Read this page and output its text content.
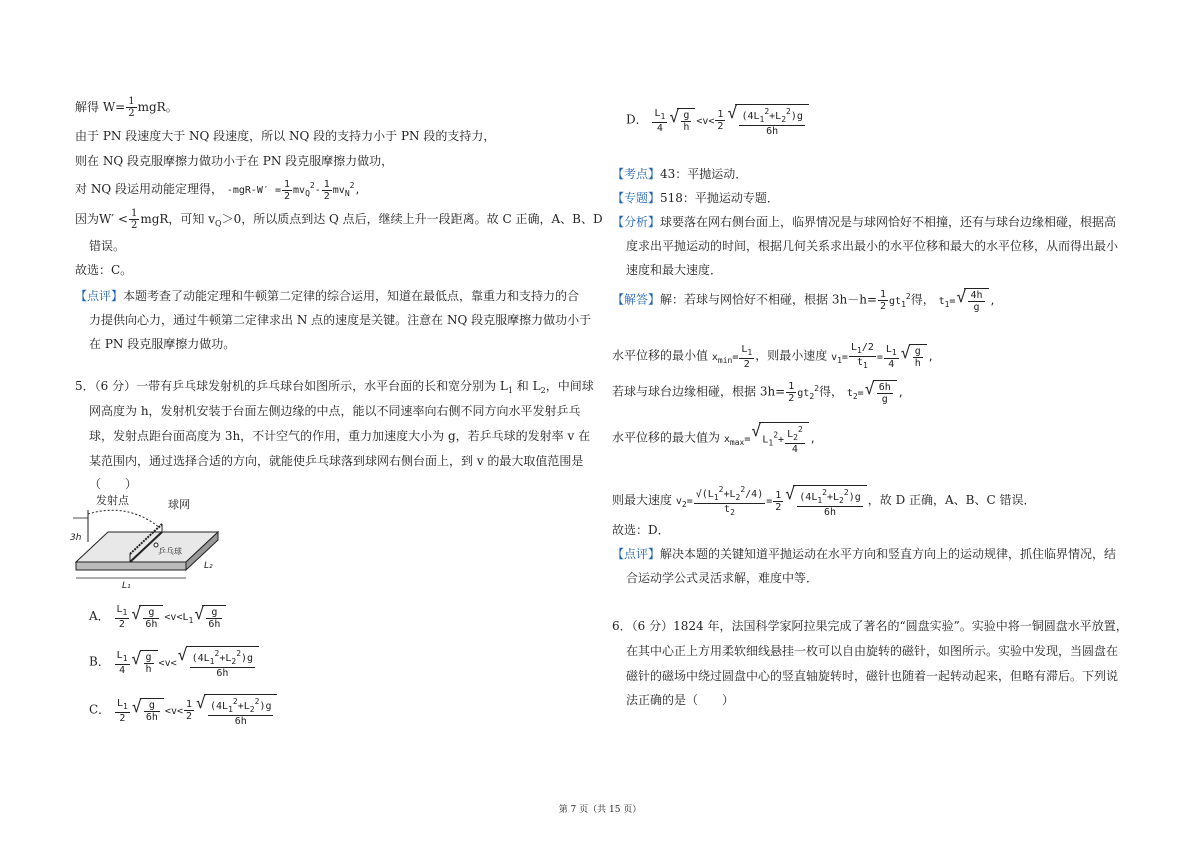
解得 $W= \frac{1}{2}$ mgR。
由于 PN 段速度大于 NQ 段速度，所以 NQ 段的支持力小于 PN 段的支持力，
则在 NQ 段克服摩擦力做功小于在 PN 段克服摩擦力做功，
对 NQ 段运用动能定理得， $-mgR-W' = \frac{1}{2} mv_Q^2- \frac{1}{2} mv_N^2$,
因为$W' < \frac{1}{2}$ mgR，可知 $v_Q>0$，所以质点到达 Q 点后，继续上升一段距离。故 C 正确，A、B、D
错误。
故选：C。
【点评】本题考查了动能定理和牛顿第二定律的综合运用，知道在最低点，靠重力和支持力的合
力提供向心力，通过牛顿第二定律求出 N 点的速度是关键。注意在 NQ 段克服摩擦力做功小于
在 PN 段克服摩擦力做功。
5．（6 分）一带有乒乓球发射机的乒乓球台如图所示，水平台面的长和宽分别为 $L_1$ 和 $L_2$，中间球
网高度为 h，发射机安装于台面左侧边缘的中点，能以不同速率向右侧不同方向水平发射乒乓
球，发射点距台面高度为 3h，不计空气的作用，重力加速度大小为 g，若乒乓球的发射率 v 在
某范围内，通过选择合适的方向，就能使乒乓球落到球网右侧台面上，到 v 的最大取值范围是
（　　）
发射点	球网
3h
乒乓球
L₁
L₂
A． $\frac{L_1}{2}$ √ $\frac{g}{6h} <v<L_1$ √ $\frac{g}{6h}$
B． $\frac{L_1}{4}$ √ $\frac{g}{h} <v<$ √ $\frac{(4L_1^2+L_2^2)g}{6h}$
C． $\frac{L_1}{2}$ √ $\frac{g}{6h} <v< \frac{1}{2}$ √ $\frac{(4L_1^2+L_2^2)g}{6h}$
D． $\frac{L_1}{4}$ √ $\frac{g}{h} <v< \frac{1}{2}$ √ $\frac{(4L_1^2+L_2^2)g}{6h}$
【考点】43：平抛运动．
【专题】518：平抛运动专题．
【分析】球要落在网右侧台面上，临界情况是与球网恰好不相撞，还有与球台边缘相碰，根据高
度求出平抛运动的时间，根据几何关系求出最小的水平位移和最大的水平位移，从而得出最小
速度和最大速度．
【解答】解：若球与网恰好不相碰，根据 $3h-h= \frac{1}{2} gt_1^2$得， $t_1=$ √ $\frac{4h}{g}$ ,
水平位移的最小值 $x_{min}= \frac{L_1}{2}$ ，则最小速度 $v_1= \frac{L_1/2}{t_1} = \frac{L_1}{4}$ √ $\frac{g}{h}$ ,
若球与球台边缘相碰，根据 $3h= \frac{1}{2} gt_2^2$得， $t_2=$ √ $\frac{6h}{g}$ ,
水平位移的最大值为 $x_{max}=$ √ $L_1^2+ \frac{L_2^2}{4}$ ,
则最大速度 $v_2= \frac{√(L_1^2+L_2^2/4)}{t_2} = \frac{1}{2}$ √ $\frac{(4L_1^2+L_2^2)g}{6h}$ ，故 D 正确，A、B、C 错误．
故选：D．
【点评】解决本题的关键知道平抛运动在水平方向和竖直方向上的运动规律，抓住临界情况，结
合运动学公式灵活求解，难度中等．
6．（6 分）1824 年，法国科学家阿拉果完成了著名的“圆盘实验”。实验中将一铜圆盘水平放置，
在其中心正上方用柔软细线悬挂一枚可以自由旋转的磁针，如图所示。实验中发现，当圆盘在
磁针的磁场中绕过圆盘中心的竖直轴旋转时，磁针也随着一起转动起来，但略有滞后。下列说
法正确的是（　　）
第 7 页（共 15 页）
